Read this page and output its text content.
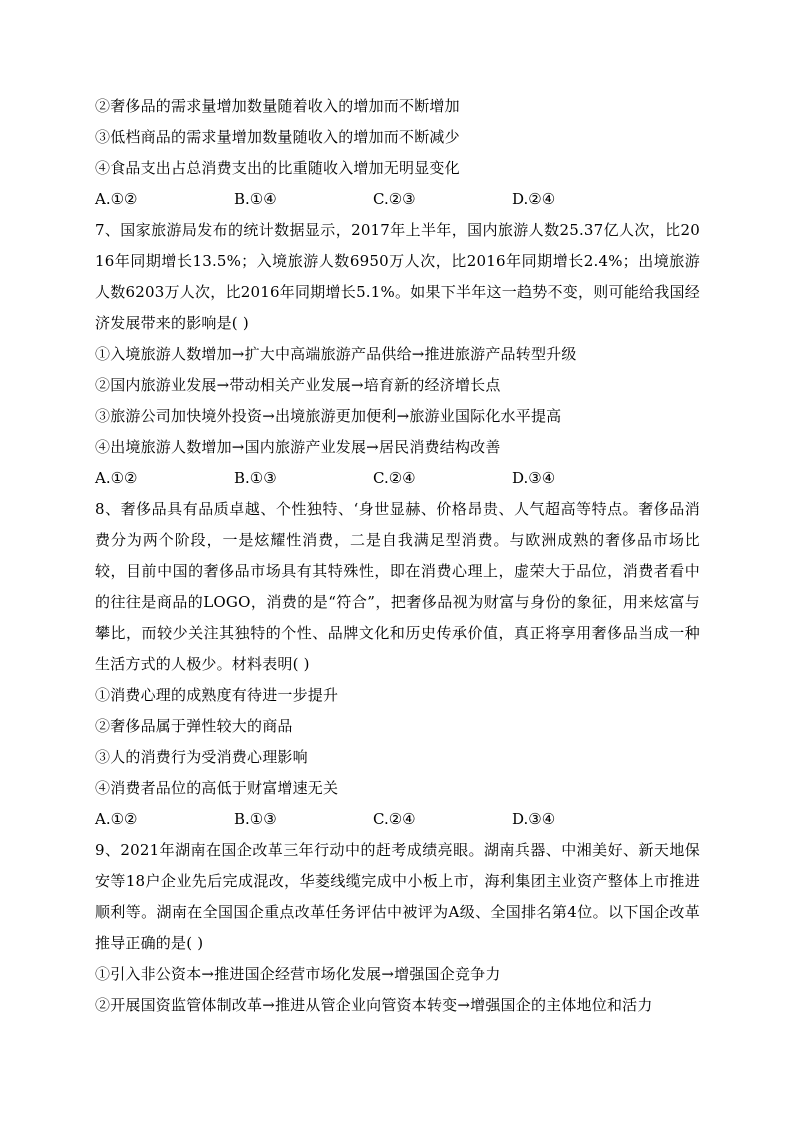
②奢侈品的需求量增加数量随着收入的增加而不断增加
③低档商品的需求量增加数量随收入的增加而不断减少
④食品支出占总消费支出的比重随收入增加无明显变化
A.①②	B.①④	C.②③	D.②④
7、国家旅游局发布的统计数据显示，2017年上半年，国内旅游人数25.37亿人次，比2016年同期增长13.5%；入境旅游人数6950万人次，比2016年同期增长2.4%；出境旅游人数6203万人次，比2016年同期增长5.1%。如果下半年这一趋势不变，则可能给我国经济发展带来的影响是( )
①入境旅游人数增加→扩大中高端旅游产品供给→推进旅游产品转型升级
②国内旅游业发展→带动相关产业发展→培育新的经济增长点
③旅游公司加快境外投资→出境旅游更加便利→旅游业国际化水平提高
④出境旅游人数增加→国内旅游产业发展→居民消费结构改善
A.①②	B.①③	C.②④	D.③④
8、奢侈品具有品质卓越、个性独特、‘身世显赫、价格昂贵、人气超高等特点。奢侈品消费分为两个阶段，一是炫耀性消费，二是自我满足型消费。与欧洲成熟的奢侈品市场比较，目前中国的奢侈品市场具有其特殊性，即在消费心理上，虚荣大于品位，消费者看中的往往是商品的LOGO，消费的是“符合”，把奢侈品视为财富与身份的象征，用来炫富与攀比，而较少关注其独特的个性、品牌文化和历史传承价值，真正将享用奢侈品当成一种生活方式的人极少。材料表明( )
①消费心理的成熟度有待进一步提升
②奢侈品属于弹性较大的商品
③人的消费行为受消费心理影响
④消费者品位的高低于财富增速无关
A.①②	B.①③	C.②④	D.③④
9、2021年湖南在国企改革三年行动中的赶考成绩亮眼。湖南兵器、中湘美好、新天地保安等18户企业先后完成混改，华菱线缆完成中小板上市，海利集团主业资产整体上市推进顺利等。湖南在全国国企重点改革任务评估中被评为A级、全国排名第4位。以下国企改革推导正确的是( )
①引入非公资本→推进国企经营市场化发展→增强国企竞争力
②开展国资监管体制改革→推进从管企业向管资本转变→增强国企的主体地位和活力
